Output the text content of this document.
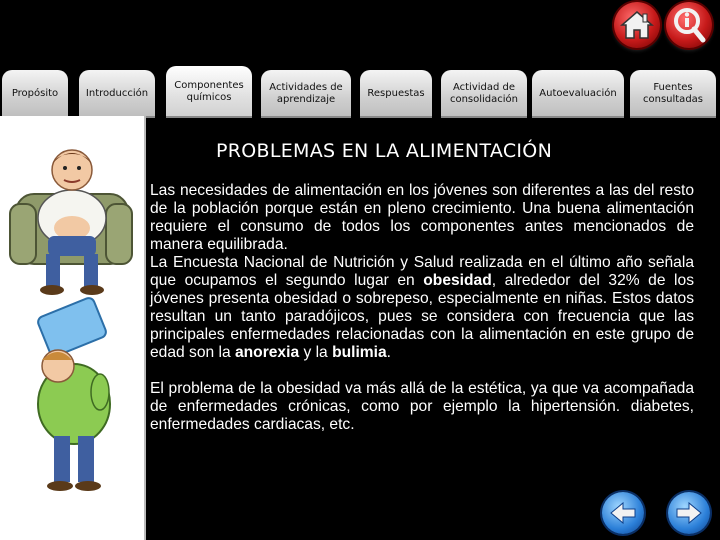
Propósito	Introducción
Componentes químicos
Actividades de aprendizaje
Respuestas
Actividad de consolidación
Autoevaluación
Fuentes consultadas
PROBLEMAS EN LA ALIMENTACIÓN

Las necesidades de alimentación en los jóvenes son diferentes a las del resto de la población porque están en pleno crecimiento. Una buena alimentación requiere el consumo de todos los componentes antes mencionados de manera equilibrada.

La Encuesta Nacional de Nutrición y Salud realizada en el último año señala que ocupamos el segundo lugar en obesidad, alrededor del 32% de los jóvenes presenta obesidad o sobrepeso, especialmente en niñas. Estos datos resultan un tanto paradójicos, pues se considera con frecuencia que las principales enfermedades relacionadas con la alimentación en este grupo de edad son la anorexia y la bulimia.

El problema de la obesidad va más allá de la estética, ya que va acompañada de enfermedades crónicas, como por ejemplo la hipertensión. diabetes, enfermedades cardiacas, etc.
